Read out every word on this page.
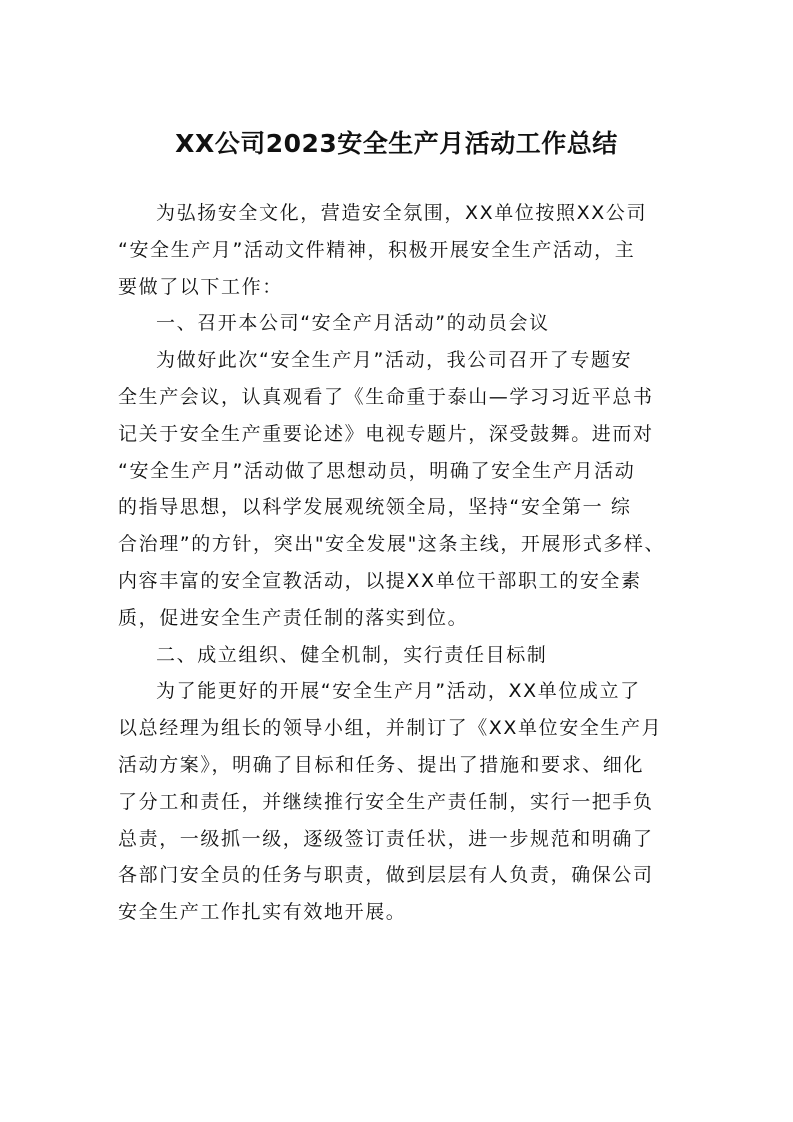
XX公司2023安全生产月活动工作总结

为弘扬安全文化，营造安全氛围，XX单位按照XX公司
“安全生产月”活动文件精神，积极开展安全生产活动，主
要做了以下工作：

一、召开本公司“安全产月活动”的动员会议

为做好此次“安全生产月”活动，我公司召开了专题安
全生产会议，认真观看了《生命重于泰山—学习习近平总书
记关于安全生产重要论述》电视专题片，深受鼓舞。进而对
“安全生产月”活动做了思想动员，明确了安全生产月活动
的指导思想，以科学发展观统领全局，坚持“安全第一 综
合治理”的方针，突出"安全发展"这条主线，开展形式多样、
内容丰富的安全宣教活动，以提XX单位干部职工的安全素
质，促进安全生产责任制的落实到位。

二、成立组织、健全机制，实行责任目标制

为了能更好的开展“安全生产月”活动，XX单位成立了
以总经理为组长的领导小组，并制订了《XX单位安全生产月
活动方案》，明确了目标和任务、提出了措施和要求、细化
了分工和责任，并继续推行安全生产责任制，实行一把手负
总责，一级抓一级，逐级签订责任状，进一步规范和明确了
各部门安全员的任务与职责，做到层层有人负责，确保公司
安全生产工作扎实有效地开展。
